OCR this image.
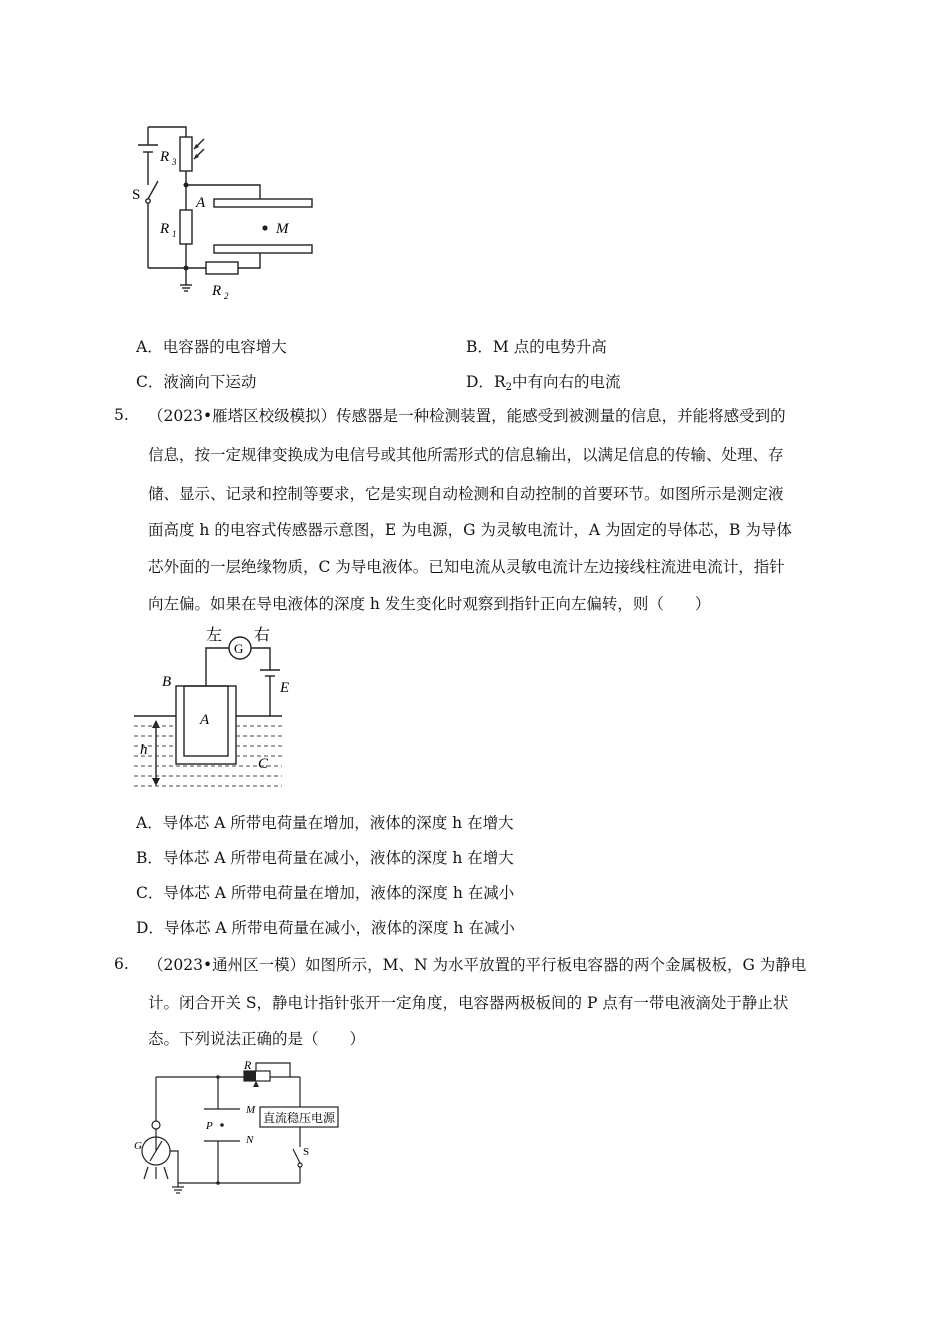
R 3
S	A
R 1	M
R 2
A．电容器的电容增大	B．M 点的电势升高
C．液滴向下运动	D．$R_2$中有向右的电流
5. （2023•雁塔区校级模拟）传感器是一种检测装置，能感受到被测量的信息，并能将感受到的
信息，按一定规律变换成为电信号或其他所需形式的信息输出，以满足信息的传输、处理、存
储、显示、记录和控制等要求，它是实现自动检测和自动控制的首要环节。如图所示是测定液
面高度 h 的电容式传感器示意图，E 为电源，G 为灵敏电流计，A 为固定的导体芯，B 为导体
芯外面的一层绝缘物质，C 为导电液体。已知电流从灵敏电流计左边接线柱流进电流计，指针
向左偏。如果在导电液体的深度 h 发生变化时观察到指针正向左偏转，则（　　）
左
G
右
B	E
A
h
C
A．导体芯 A 所带电荷量在增加，液体的深度 h 在增大
B．导体芯 A 所带电荷量在减小，液体的深度 h 在增大
C．导体芯 A 所带电荷量在增加，液体的深度 h 在减小
D．导体芯 A 所带电荷量在减小，液体的深度 h 在减小
6. （2023•通州区一模）如图所示，M、N 为水平放置的平行板电容器的两个金属极板，G 为静电
计。闭合开关 S，静电计指针张开一定角度，电容器两极板间的 P 点有一带电液滴处于静止状
态。下列说法正确的是（　　）
R
M
P
N
G	S
直流稳压电源
